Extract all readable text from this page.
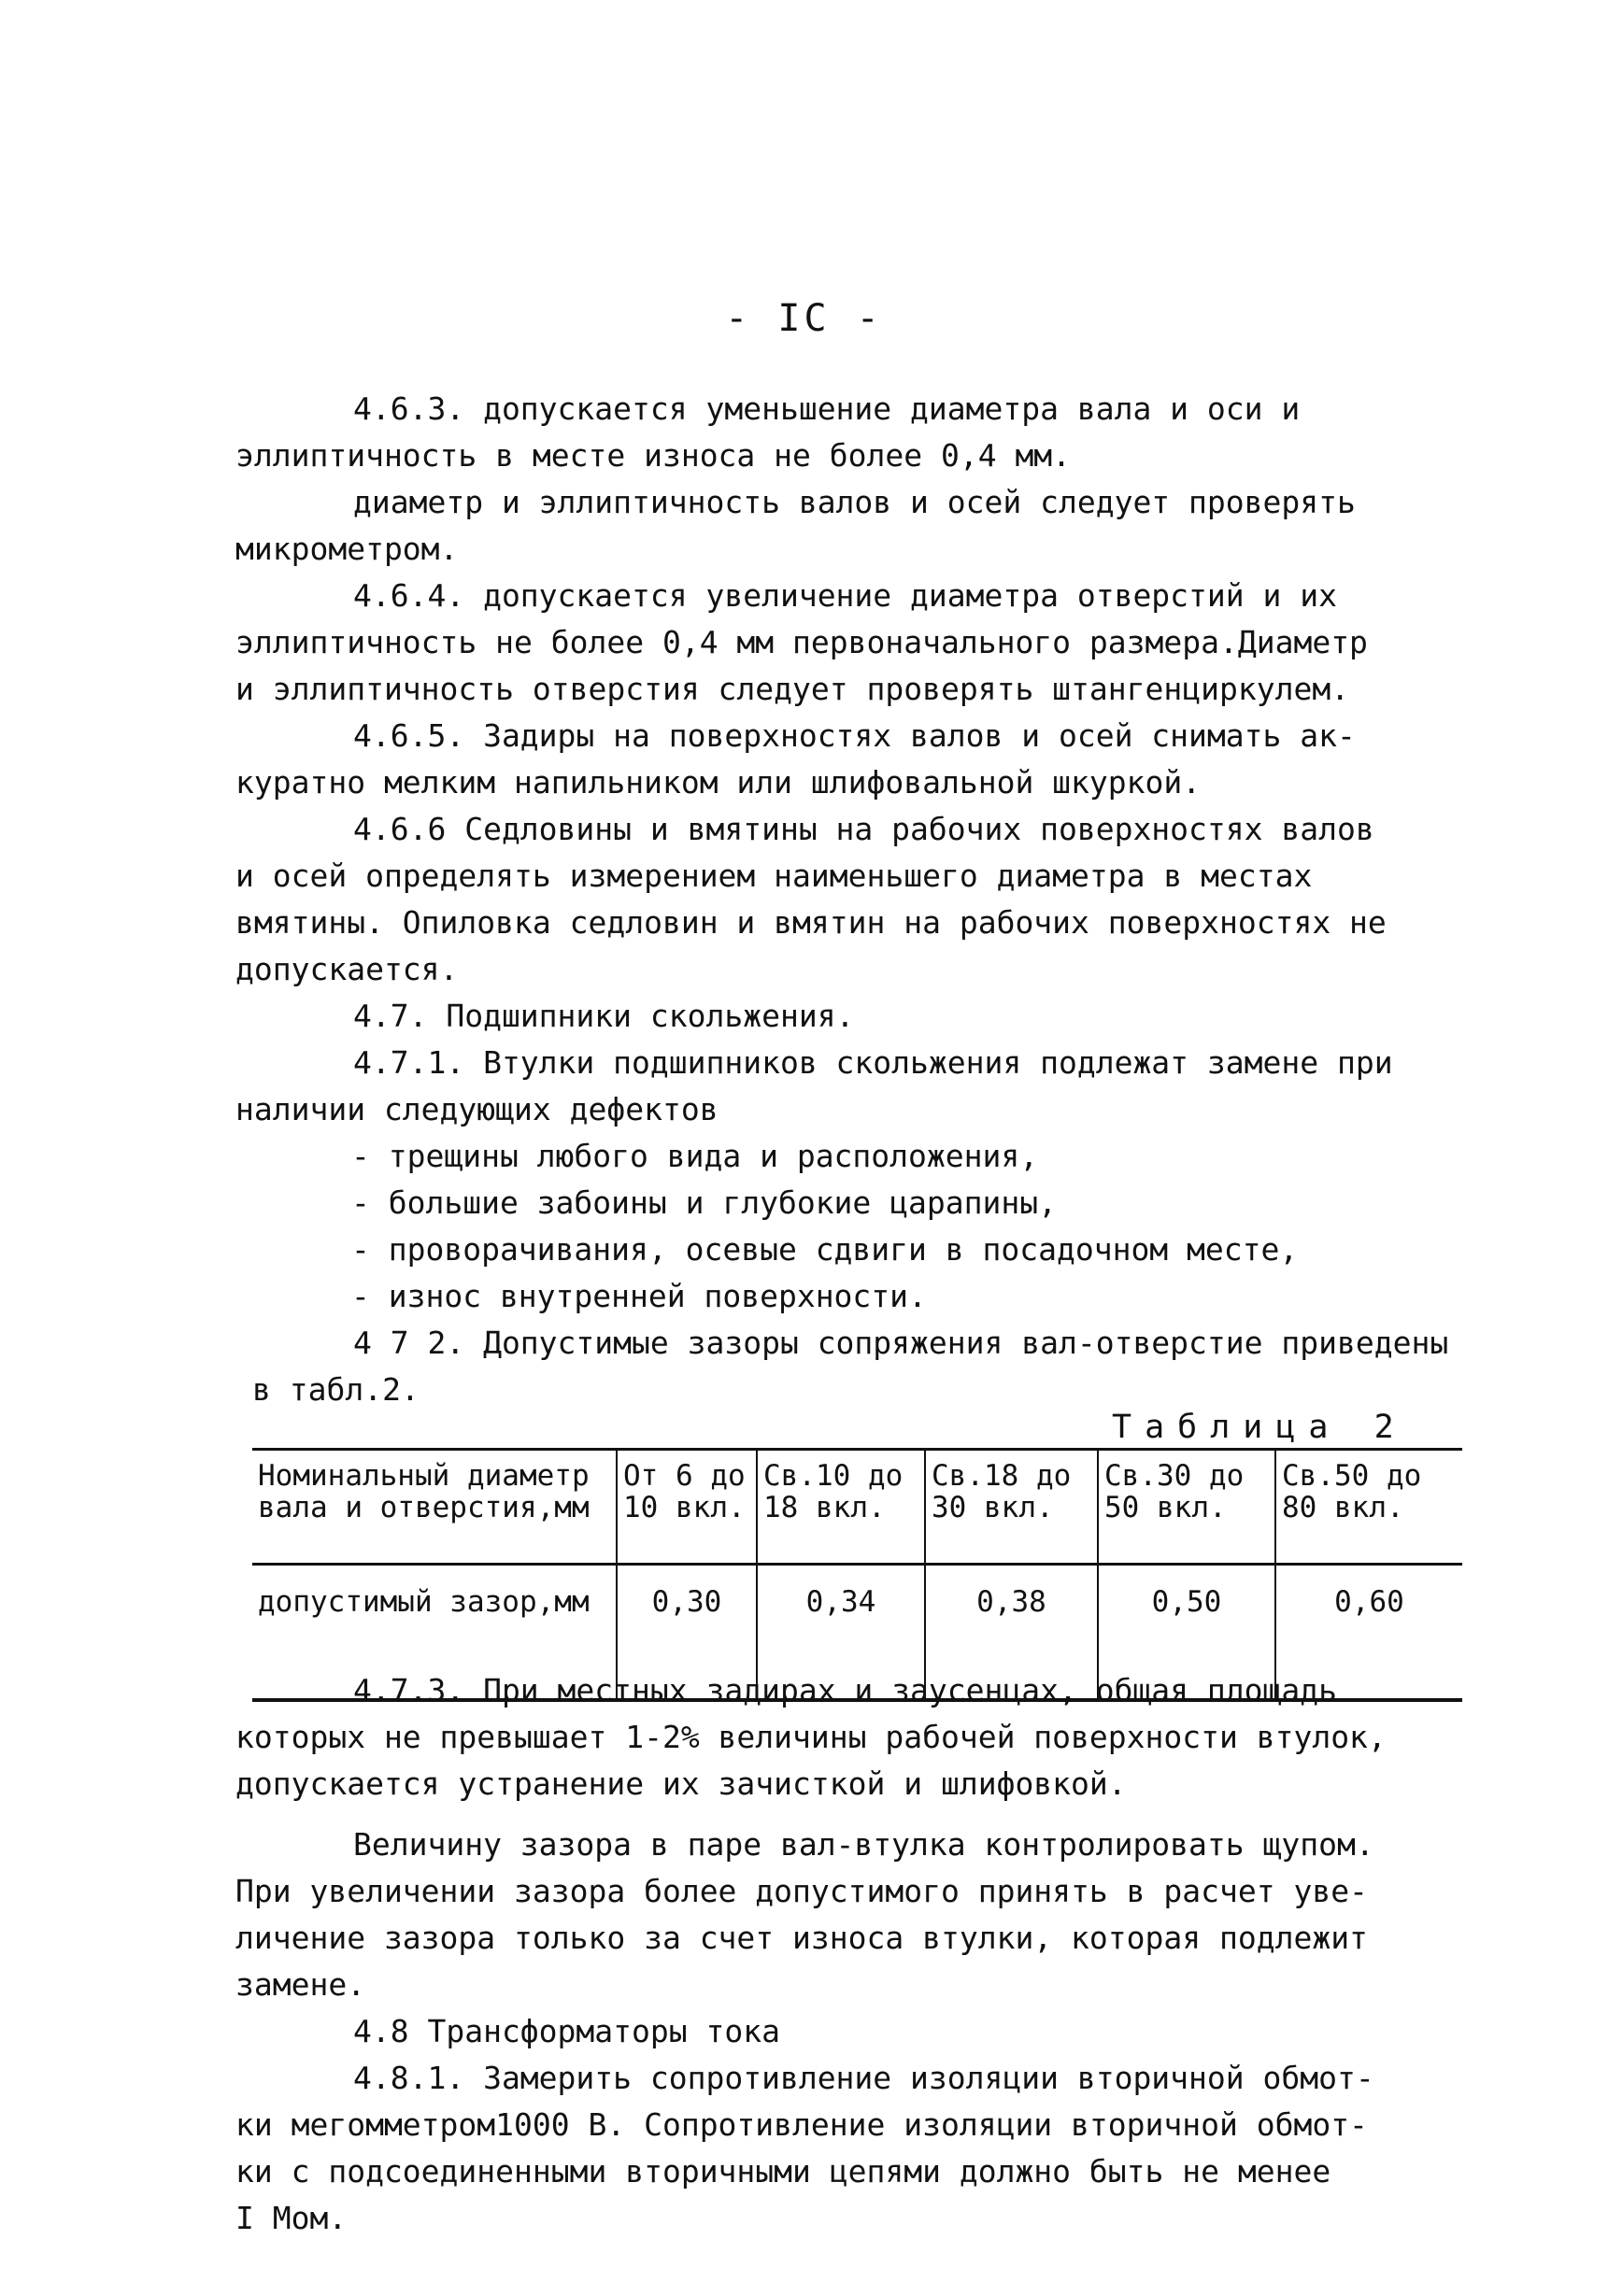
- IC -
4.6.3. допускается уменьшение диаметра вала и оси и
эллиптичность в месте износа не более 0,4 мм.
диаметр и эллиптичность валов и осей следует проверять
микрометром.
4.6.4. допускается увеличение диаметра отверстий и их
эллиптичность не более 0,4 мм первоначального размера.Диаметр
и эллиптичность отверстия следует проверять штангенциркулем.
4.6.5. Задиры на поверхностях валов и осей снимать ак-
куратно мелким напильником или шлифовальной шкуркой.
4.6.6 Седловины и вмятины на рабочих поверхностях валов
и осей определять измерением наименьшего диаметра в местах
вмятины. Опиловка седловин и вмятин на рабочих поверхностях не
допускается.
4.7. Подшипники скольжения.
4.7.1. Втулки подшипников скольжения подлежат замене при
наличии следующих дефектов
- трещины любого вида и расположения,
- большие забоины и глубокие царапины,
- проворачивания, осевые сдвиги в посадочном месте,
- износ внутренней поверхности.
4 7 2. Допустимые зазоры сопряжения вал-отверстие приведены
в табл.2.
Таблица 2
Номинальный диаметр вала и отверстия,мм	От 6 до 10 вкл.	Св.10 до 18 вкл.	Св.18 до 30 вкл.	Св.30 до 50 вкл.	Св.50 до 80 вкл.
допустимый зазор,мм	0,30	0,34	0,38	0,50	0,60
4.7.3. При местных задирах и заусенцах, общая площадь
которых не превышает 1-2% величины рабочей поверхности втулок,
допускается устранение их зачисткой и шлифовкой.
Величину зазора в паре вал-втулка контролировать щупом.
При увеличении зазора более допустимого принять в расчет уве-
личение зазора только за счет износа втулки, которая подлежит
замене.
4.8 Трансформаторы тока
4.8.1. Замерить сопротивление изоляции вторичной обмот-
ки мегомметром1000 В. Сопротивление изоляции вторичной обмот-
ки с подсоединенными вторичными цепями должно быть не менее
I Мом.
